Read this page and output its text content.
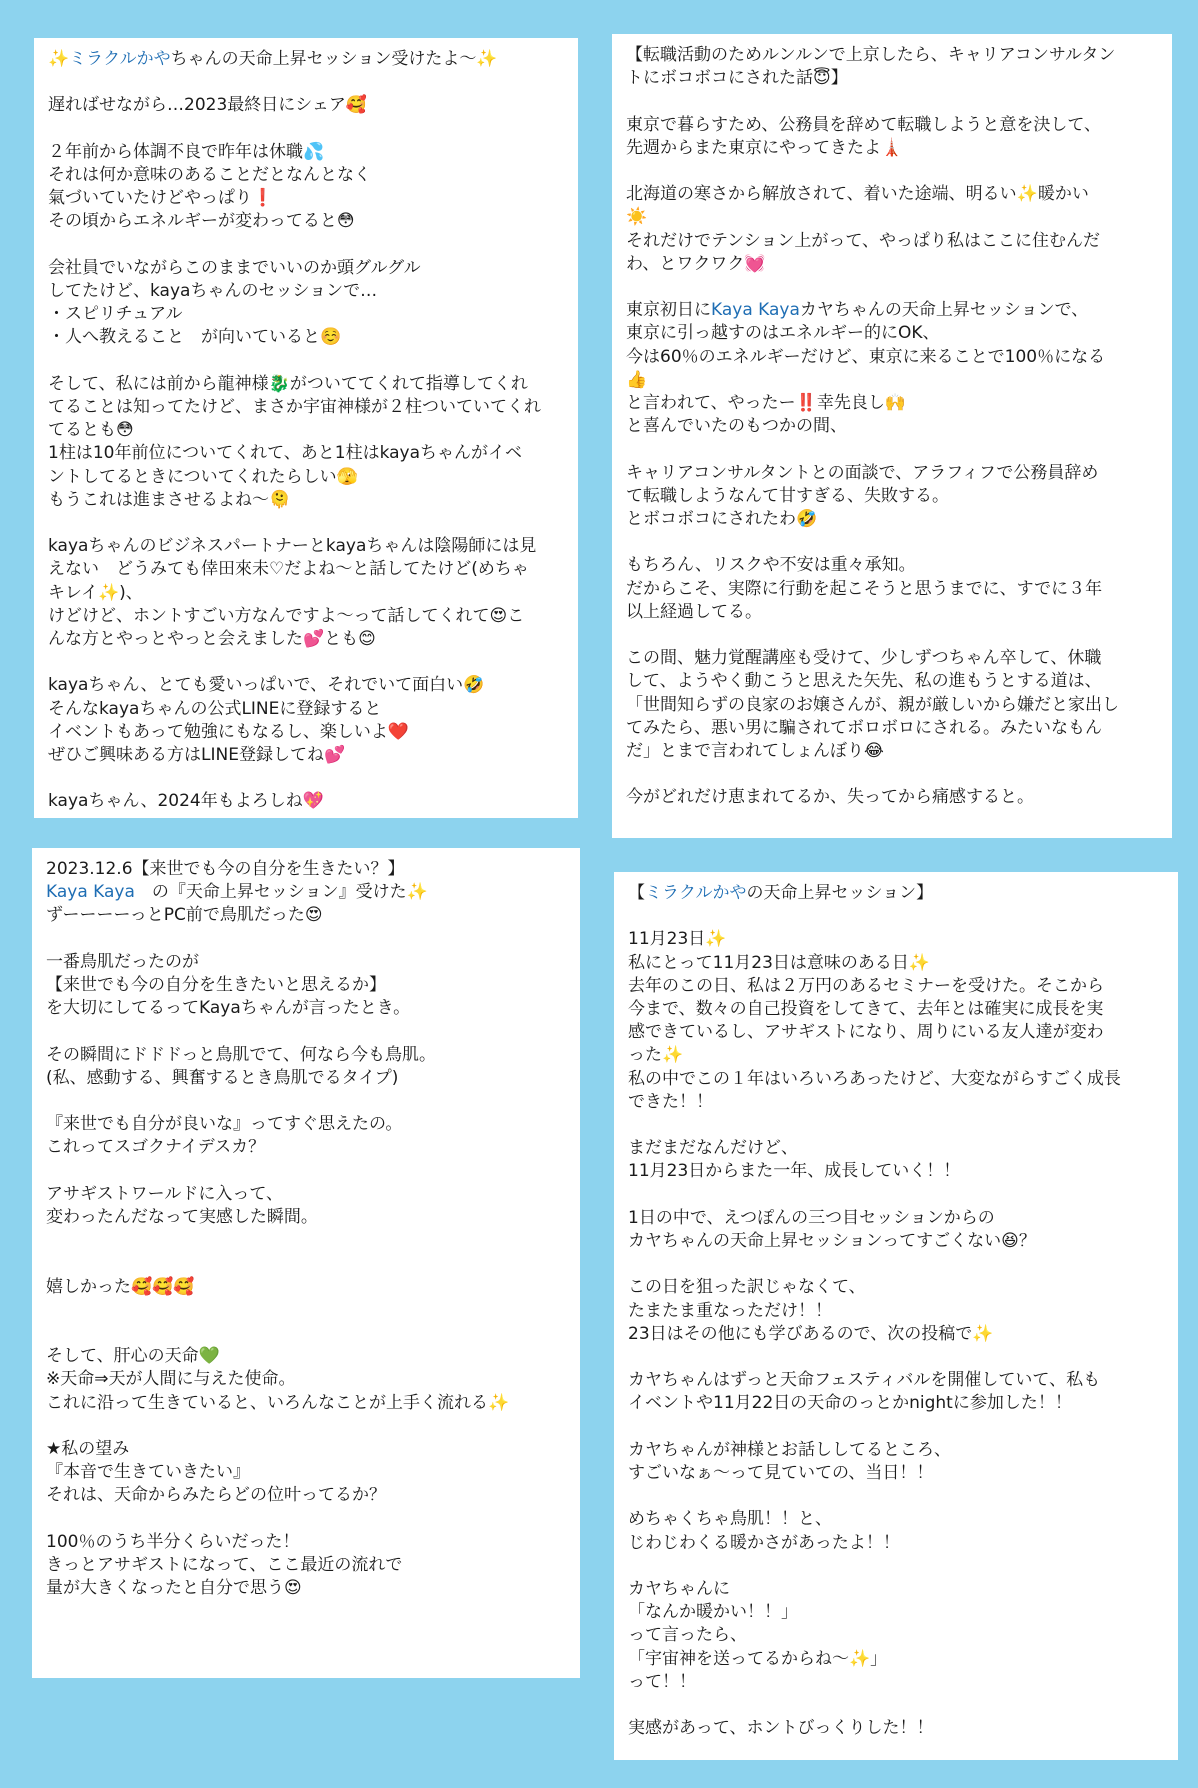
✨ミラクルかやちゃんの天命上昇セッション受けたよ〜✨
遅ればせながら…2023最終日にシェア🥰
２年前から体調不良で昨年は休職💦
それは何か意味のあることだとなんとなく
氣づいていたけどやっぱり❗
その頃からエネルギーが変わってると😳
会社員でいながらこのままでいいのか頭グルグル
してたけど、kayaちゃんのセッションで…
・スピリチュアル
・人へ教えること　が向いていると☺️
そして、私には前から龍神様🐉がついててくれて指導してくれ
てることは知ってたけど、まさか宇宙神様が２柱ついていてくれ
てるとも😳
1柱は10年前位についてくれて、あと1柱はkayaちゃんがイベ
ントしてるときについてくれたらしい🫣
もうこれは進まさせるよね〜🫠
kayaちゃんのビジネスパートナーとkayaちゃんは陰陽師には見
えない　どうみても倖田來未♡だよね〜と話してたけど(めちゃ
キレイ✨)、
けどけど、ホントすごい方なんですよ〜って話してくれて😍こ
んな方とやっとやっと会えました💕とも😊
kayaちゃん、とても愛いっぱいで、それでいて面白い🤣
そんなkayaちゃんの公式LINEに登録すると
イベントもあって勉強にもなるし、楽しいよ❤️
ぜひご興味ある方はLINE登録してね💕
kayaちゃん、2024年もよろしね💖
【転職活動のためルンルンで上京したら、キャリアコンサルタン
トにボコボコにされた話😇】
東京で暮らすため、公務員を辞めて転職しようと意を決して、
先週からまた東京にやってきたよ🗼
北海道の寒さから解放されて、着いた途端、明るい✨暖かい
☀️
それだけでテンション上がって、やっぱり私はここに住むんだ
わ、とワクワク💓
東京初日にKaya Kayaカヤちゃんの天命上昇セッションで、
東京に引っ越すのはエネルギー的にOK、
今は60％のエネルギーだけど、東京に来ることで100％になる
👍
と言われて、やったー‼️幸先良し🙌
と喜んでいたのもつかの間、
キャリアコンサルタントとの面談で、アラフィフで公務員辞め
て転職しようなんて甘すぎる、失敗する。
とボコボコにされたわ🤣
もちろん、リスクや不安は重々承知。
だからこそ、実際に行動を起こそうと思うまでに、すでに３年
以上経過してる。
この間、魅力覚醒講座も受けて、少しずつちゃん卒して、休職
して、ようやく動こうと思えた矢先、私の進もうとする道は、
「世間知らずの良家のお嬢さんが、親が厳しいから嫌だと家出し
てみたら、悪い男に騙されてボロボロにされる。みたいなもん
だ」とまで言われてしょんぼり😂
今がどれだけ恵まれてるか、失ってから痛感すると。
2023.12.6【来世でも今の自分を生きたい？】
Kaya Kaya　の『天命上昇セッション』受けた✨
ずーーーーっとPC前で鳥肌だった😍
一番鳥肌だったのが
【来世でも今の自分を生きたいと思えるか】
を大切にしてるってKayaちゃんが言ったとき。
その瞬間にドドドっと鳥肌でて、何なら今も鳥肌。
(私、感動する、興奮するとき鳥肌でるタイプ)
『来世でも自分が良いな』ってすぐ思えたの。
これってスゴクナイデスカ？
アサギストワールドに入って、
変わったんだなって実感した瞬間。
嬉しかった🥰🥰🥰
そして、肝心の天命💚
※天命⇒天が人間に与えた使命。
これに沿って生きていると、いろんなことが上手く流れる✨
★私の望み
『本音で生きていきたい』
それは、天命からみたらどの位叶ってるか？
100％のうち半分くらいだった！
きっとアサギストになって、ここ最近の流れで
量が大きくなったと自分で思う😍
【ミラクルかやの天命上昇セッション】
11月23日✨
私にとって11月23日は意味のある日✨
去年のこの日、私は２万円のあるセミナーを受けた。そこから
今まで、数々の自己投資をしてきて、去年とは確実に成長を実
感できているし、アサギストになり、周りにいる友人達が変わ
った✨
私の中でこの１年はいろいろあったけど、大変ながらすごく成長
できた！！
まだまだなんだけど、
11月23日からまた一年、成長していく！！
1日の中で、えつぽんの三つ目セッションからの
カヤちゃんの天命上昇セッションってすごくない😆？
この日を狙った訳じゃなくて、
たまたま重なっただけ！！
23日はその他にも学びあるので、次の投稿で✨
カヤちゃんはずっと天命フェスティバルを開催していて、私も
イベントや11月22日の天命のっとかnightに参加した！！
カヤちゃんが神様とお話ししてるところ、
すごいなぁ〜って見ていての、当日！！
めちゃくちゃ鳥肌！！と、
じわじわくる暖かさがあったよ！！
カヤちゃんに
「なんか暖かい！！」
って言ったら、
「宇宙神を送ってるからね〜✨」
って！！
実感があって、ホントびっくりした！！
